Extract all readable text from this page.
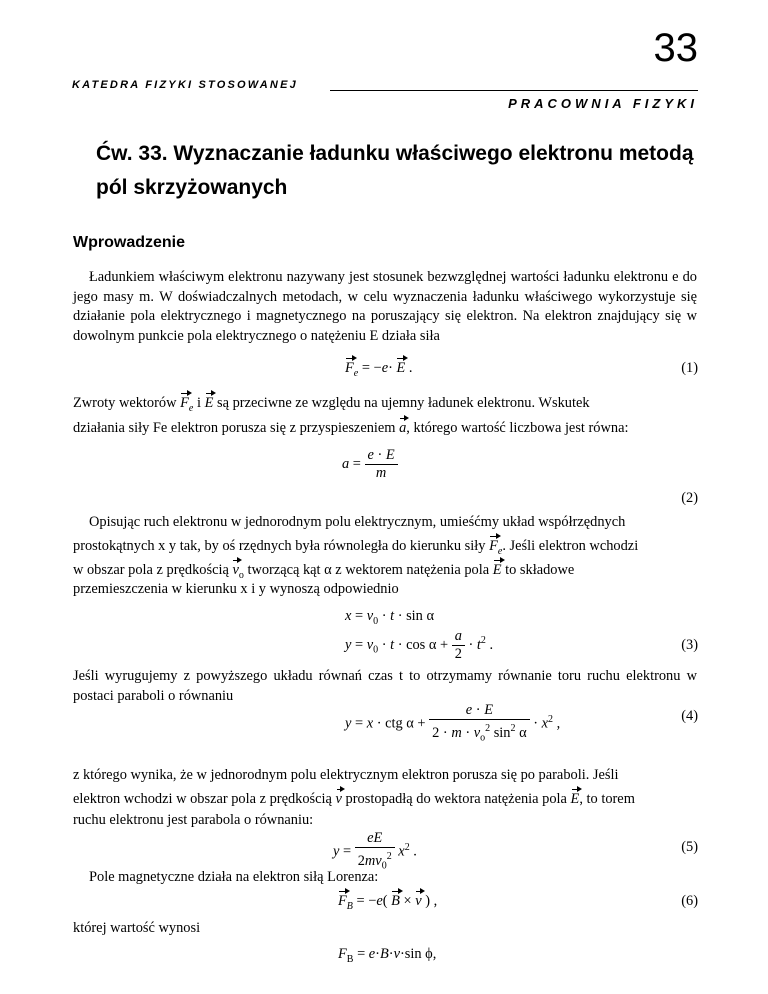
33
KATEDRA FIZYKI STOSOWANEJ
PRACOWNIA FIZYKI
Ćw. 33. Wyznaczanie ładunku właściwego elektronu metodą
pól skrzyżowanych
Wprowadzenie
Ładunkiem właściwym elektronu nazywany jest stosunek bezwzględnej wartości ładunku elektronu e do jego masy m. W doświadczalnych metodach, w celu wyznaczenia ładunku właściwego wykorzystuje się działanie pola elektrycznego i magnetycznego na poruszający się elektron. Na elektron znajdujący się w dowolnym punkcie pola elektrycznego o natężeniu E działa siła
$F_e = -e\cdot E$ .	(1)
Zwroty wektorów $F_e$ i E są przeciwne ze względu na ujemny ładunek elektronu. Wskutek
działania siły Fe elektron porusza się z przyspieszeniem a, którego wartość liczbowa jest równa:
$a = \frac{e \cdot E}{m}$
(2)
Opisując ruch elektronu w jednorodnym polu elektrycznym, umieśćmy układ współrzędnych
prostokątnych x y tak, by oś rzędnych była równoległa do kierunku siły $F_e$. Jeśli elektron wchodzi
w obszar pola z prędkością $v_o$ tworzącą kąt α z wektorem natężenia pola E to składowe
przemieszczenia w kierunku x i y wynoszą odpowiednio
$x = v_0 \cdot t \cdot \sin \alpha$
$y = v_0 \cdot t \cdot \cos \alpha + \frac{a}{2} \cdot t^2$ .	(3)
Jeśli wyrugujemy z powyższego układu równań czas t to otrzymamy równanie toru ruchu elektronu w postaci paraboli o równaniu
y = x · ctg $\alpha + \frac{e \cdot E}{2 \cdot m \cdot v_o^2 \sin^2 \alpha} \cdot x^2$ ,	(4)
z którego wynika, że w jednorodnym polu elektrycznym elektron porusza się po paraboli. Jeśli
elektron wchodzi w obszar pola z prędkością v prostopadłą do wektora natężenia pola E, to torem
ruchu elektronu jest parabola o równaniu:
$y = \frac{eE}{2mv_0^2} x^2$ .	(5)
Pole magnetyczne działa na elektron siłą Lorenza:
$F_B = -e$( B × v ) ,	(6)
której wartość wynosi
$F_B = e\cdot B\cdot v\cdot\sin$ ϕ,
